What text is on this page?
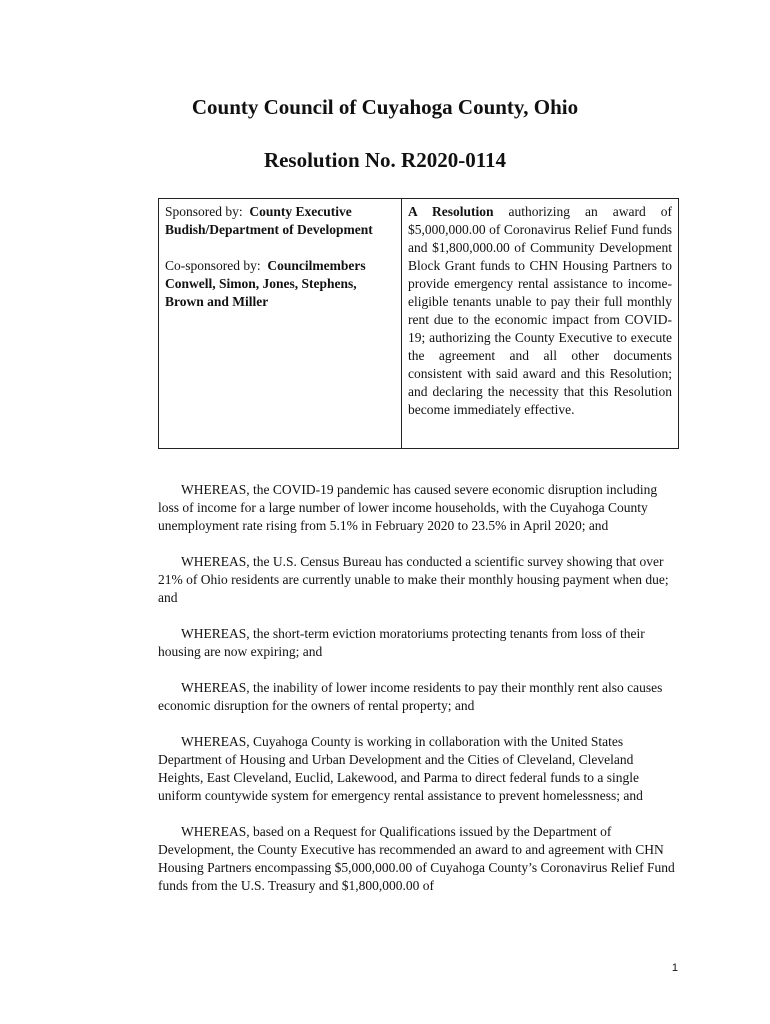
County Council of Cuyahoga County, Ohio
Resolution No. R2020-0114

Sponsored by: County Executive Budish/Department of Development

Co-sponsored by: Councilmembers Conwell, Simon, Jones, Stephens, Brown and Miller

A Resolution authorizing an award of $5,000,000.00 of Coronavirus Relief Fund funds and $1,800,000.00 of Community Development Block Grant funds to CHN Housing Partners to provide emergency rental assistance to income-eligible tenants unable to pay their full monthly rent due to the economic impact from COVID-19; authorizing the County Executive to execute the agreement and all other documents consistent with said award and this Resolution; and declaring the necessity that this Resolution become immediately effective.

WHEREAS, the COVID-19 pandemic has caused severe economic disruption including loss of income for a large number of lower income households, with the Cuyahoga County unemployment rate rising from 5.1% in February 2020 to 23.5% in April 2020; and

WHEREAS, the U.S. Census Bureau has conducted a scientific survey showing that over 21% of Ohio residents are currently unable to make their monthly housing payment when due; and

WHEREAS, the short-term eviction moratoriums protecting tenants from loss of their housing are now expiring; and

WHEREAS, the inability of lower income residents to pay their monthly rent also causes economic disruption for the owners of rental property; and

WHEREAS, Cuyahoga County is working in collaboration with the United States Department of Housing and Urban Development and the Cities of Cleveland, Cleveland Heights, East Cleveland, Euclid, Lakewood, and Parma to direct federal funds to a single uniform countywide system for emergency rental assistance to prevent homelessness; and

WHEREAS, based on a Request for Qualifications issued by the Department of Development, the County Executive has recommended an award to and agreement with CHN Housing Partners encompassing $5,000,000.00 of Cuyahoga County’s Coronavirus Relief Fund funds from the U.S. Treasury and $1,800,000.00 of

1
